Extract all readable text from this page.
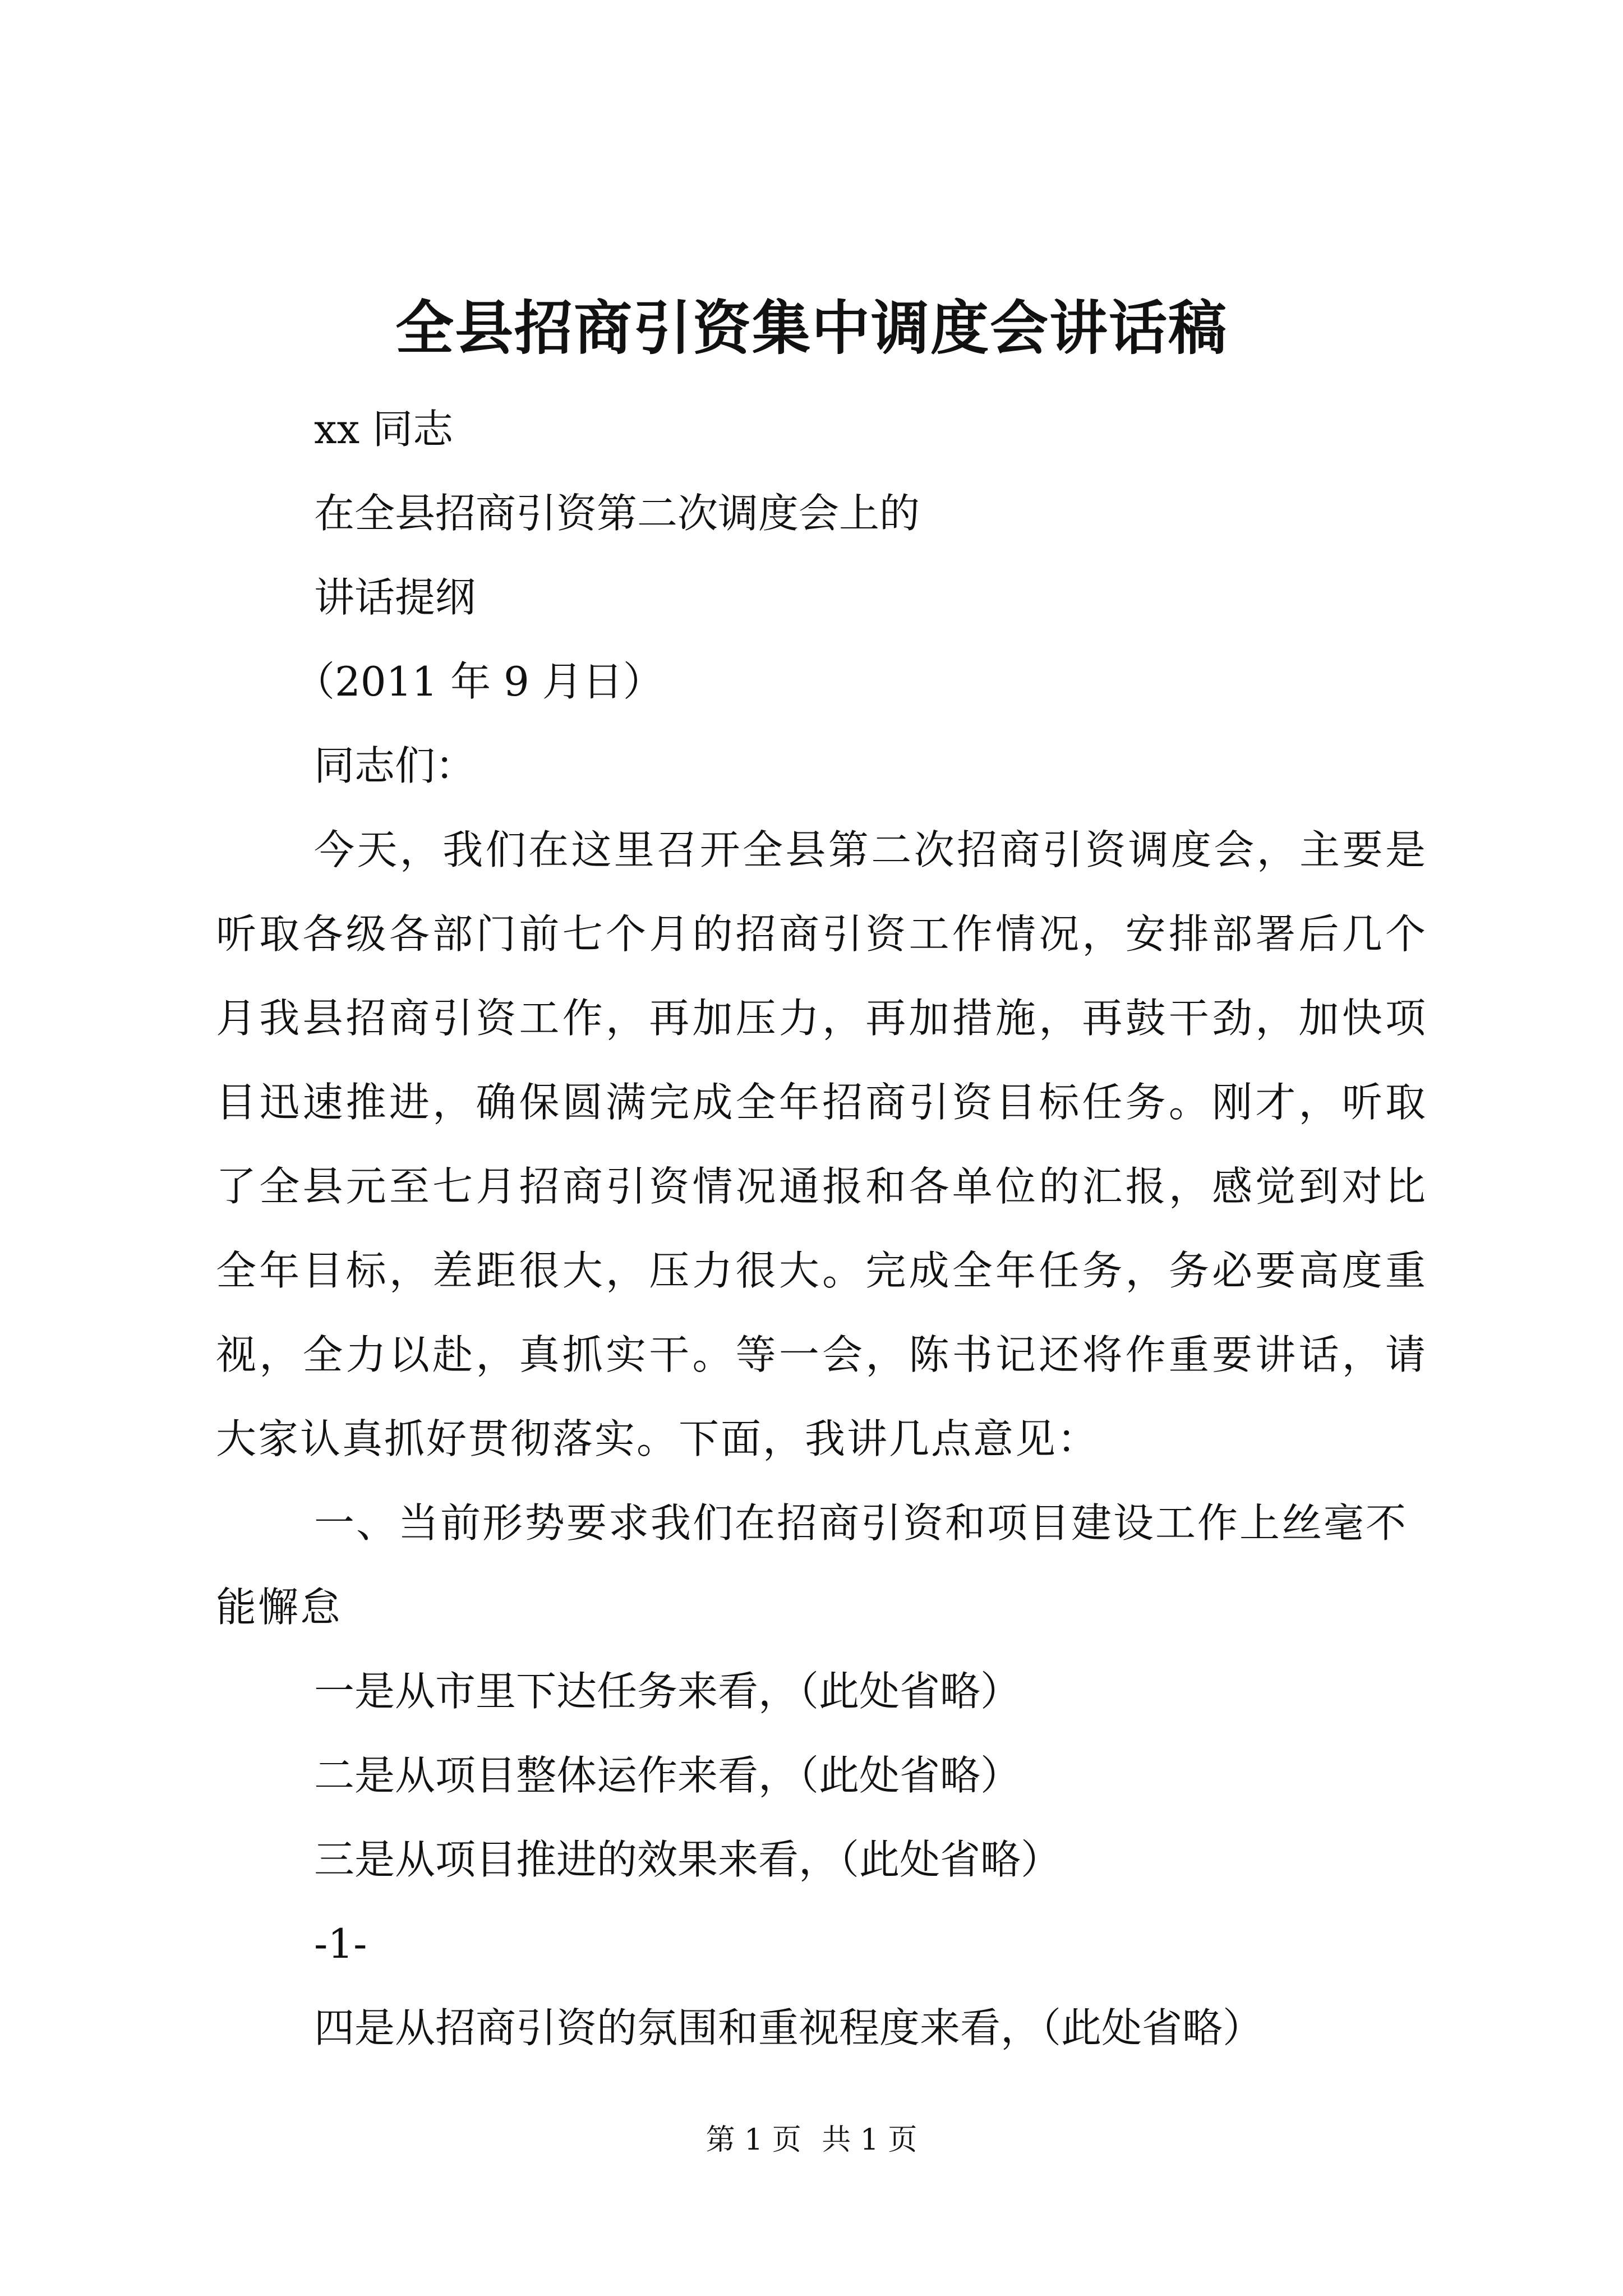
全县招商引资集中调度会讲话稿

xx 同志

在全县招商引资第二次调度会上的

讲话提纲

（2011 年 9 月日）

同志们：

今天，我们在这里召开全县第二次招商引资调度会，主要是听取各级各部门前七个月的招商引资工作情况，安排部署后几个月我县招商引资工作，再加压力，再加措施，再鼓干劲，加快项目迅速推进，确保圆满完成全年招商引资目标任务。刚才，听取了全县元至七月招商引资情况通报和各单位的汇报，感觉到对比全年目标，差距很大，压力很大。完成全年任务，务必要高度重视，全力以赴，真抓实干。等一会，陈书记还将作重要讲话，请大家认真抓好贯彻落实。下面，我讲几点意见：

一、当前形势要求我们在招商引资和项目建设工作上丝毫不能懈怠

一是从市里下达任务来看，（此处省略）

二是从项目整体运作来看，（此处省略）

三是从项目推进的效果来看，（此处省略）

-1-

四是从招商引资的氛围和重视程度来看，（此处省略）

第 1 页 共 1 页
